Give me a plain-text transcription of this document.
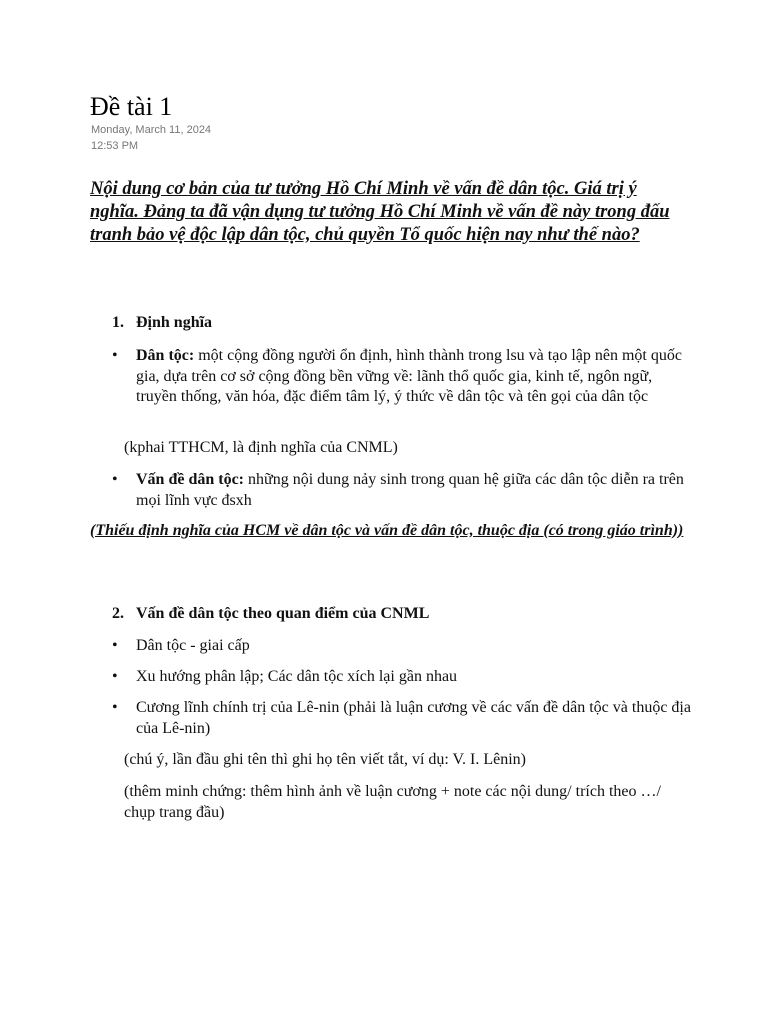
Đề tài 1
Monday, March 11, 2024
12:53 PM

Nội dung cơ bản của tư tưởng Hồ Chí Minh về vấn đề dân tộc. Giá trị ý nghĩa. Đảng ta đã vận dụng tư tưởng Hồ Chí Minh về vấn đề này trong đấu tranh bảo vệ độc lập dân tộc, chủ quyền Tổ quốc hiện nay như thế nào?

1. Định nghĩa
•	Dân tộc: một cộng đồng người ổn định, hình thành trong lsu và tạo lập nên một quốc gia, dựa trên cơ sở cộng đồng bền vững về: lãnh thổ quốc gia, kinh tế, ngôn ngữ, truyền thống, văn hóa, đặc điểm tâm lý, ý thức về dân tộc và tên gọi của dân tộc
(kphai TTHCM, là định nghĩa của CNML)
•	Vấn đề dân tộc: những nội dung nảy sinh trong quan hệ giữa các dân tộc diễn ra trên mọi lĩnh vực đsxh
(Thiếu định nghĩa của HCM về dân tộc và vấn đề dân tộc, thuộc địa (có trong giáo trình))
2. Vấn đề dân tộc theo quan điểm của CNML
•	Dân tộc - giai cấp
•	Xu hướng phân lập; Các dân tộc xích lại gần nhau
•	Cương lĩnh chính trị của Lê-nin (phải là luận cương về các vấn đề dân tộc và thuộc địa của Lê-nin)
(chú ý, lần đầu ghi tên thì ghi họ tên viết tắt, ví dụ: V. I. Lênin)
(thêm minh chứng: thêm hình ảnh về luận cương + note các nội dung/ trích theo …/ chụp trang đầu)
